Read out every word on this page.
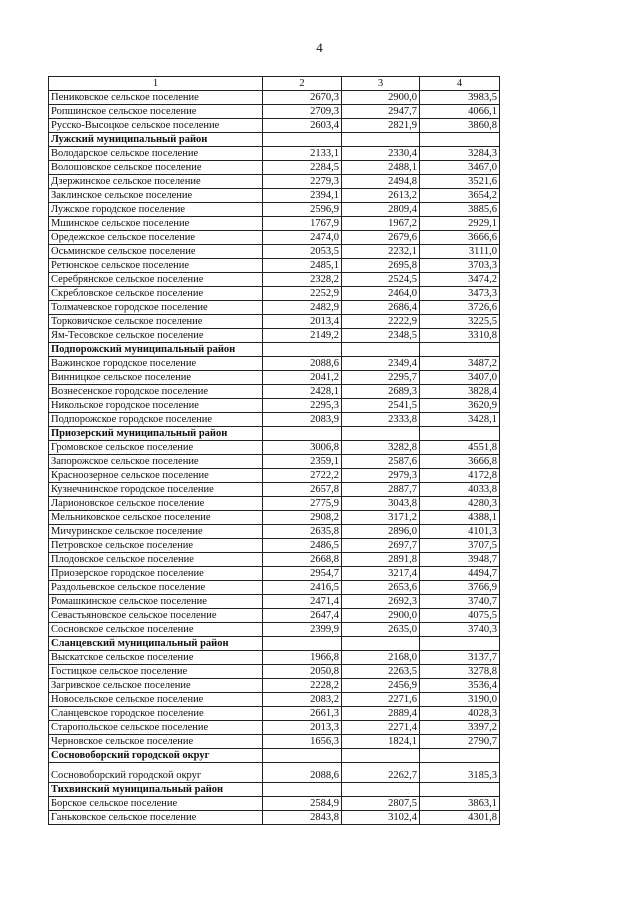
4
1	2	3	4
Пениковское сельское поселение	2670,3	2900,0	3983,5
Ропшинское сельское поселение	2709,3	2947,7	4066,1
Русско-Высоцкое сельское поселение	2603,4	2821,9	3860,8
Лужский муниципальный район			
Володарское сельское поселение	2133,1	2330,4	3284,3
Волошовское сельское поселение	2284,5	2488,1	3467,0
Дзержинское сельское поселение	2279,3	2494,8	3521,6
Заклинское сельское поселение	2394,1	2613,2	3654,2
Лужское городское поселение	2596,9	2809,4	3885,6
Мшинское сельское поселение	1767,9	1967,2	2929,1
Оредежское сельское поселение	2474,0	2679,6	3666,6
Осьминское сельское поселение	2053,5	2232,1	3111,0
Ретюнское сельское поселение	2485,1	2695,8	3703,3
Серебрянское сельское поселение	2328,2	2524,5	3474,2
Скребловское сельское поселение	2252,9	2464,0	3473,3
Толмачевское городское поселение	2482,9	2686,4	3726,6
Торковичское сельское поселение	2013,4	2222,9	3225,5
Ям-Тесовское сельское поселение	2149,2	2348,5	3310,8
Подпорожский муниципальный район			
Важинское городское поселение	2088,6	2349,4	3487,2
Винницкое сельское поселение	2041,2	2295,7	3407,0
Вознесенское городское поселение	2428,1	2689,3	3828,4
Никольское городское поселение	2295,3	2541,5	3620,9
Подпорожское городское поселение	2083,9	2333,8	3428,1
Приозерский муниципальный район			
Громовское сельское поселение	3006,8	3282,8	4551,8
Запорожское сельское поселение	2359,1	2587,6	3666,8
Красноозерное сельское поселение	2722,2	2979,3	4172,8
Кузнечнинское городское поселение	2657,8	2887,7	4033,8
Ларионовское сельское поселение	2775,9	3043,8	4280,3
Мельниковское сельское поселение	2908,2	3171,2	4388,1
Мичуринское сельское поселение	2635,8	2896,0	4101,3
Петровское сельское поселение	2486,5	2697,7	3707,5
Плодовское сельское поселение	2668,8	2891,8	3948,7
Приозерское городское поселение	2954,7	3217,4	4494,7
Раздольевское сельское поселение	2416,5	2653,6	3766,9
Ромашкинское сельское поселение	2471,4	2692,3	3740,7
Севастьяновское сельское поселение	2647,4	2900,0	4075,5
Сосновское сельское поселение	2399,9	2635,0	3740,3
Сланцевский муниципальный район			
Выскатское сельское поселение	1966,8	2168,0	3137,7
Гостицкое сельское поселение	2050,8	2263,5	3278,8
Загривское сельское поселение	2228,2	2456,9	3536,4
Новосельское сельское поселение	2083,2	2271,6	3190,0
Сланцевское городское поселение	2661,3	2889,4	4028,3
Старопольское сельское поселение	2013,3	2271,4	3397,2
Черновское сельское поселение	1656,3	1824,1	2790,7
Сосновоборский городской округ			
Сосновоборский городской округ	2088,6	2262,7	3185,3
Тихвинский муниципальный район			
Борское сельское поселение	2584,9	2807,5	3863,1
Ганьковское сельское поселение	2843,8	3102,4	4301,8
